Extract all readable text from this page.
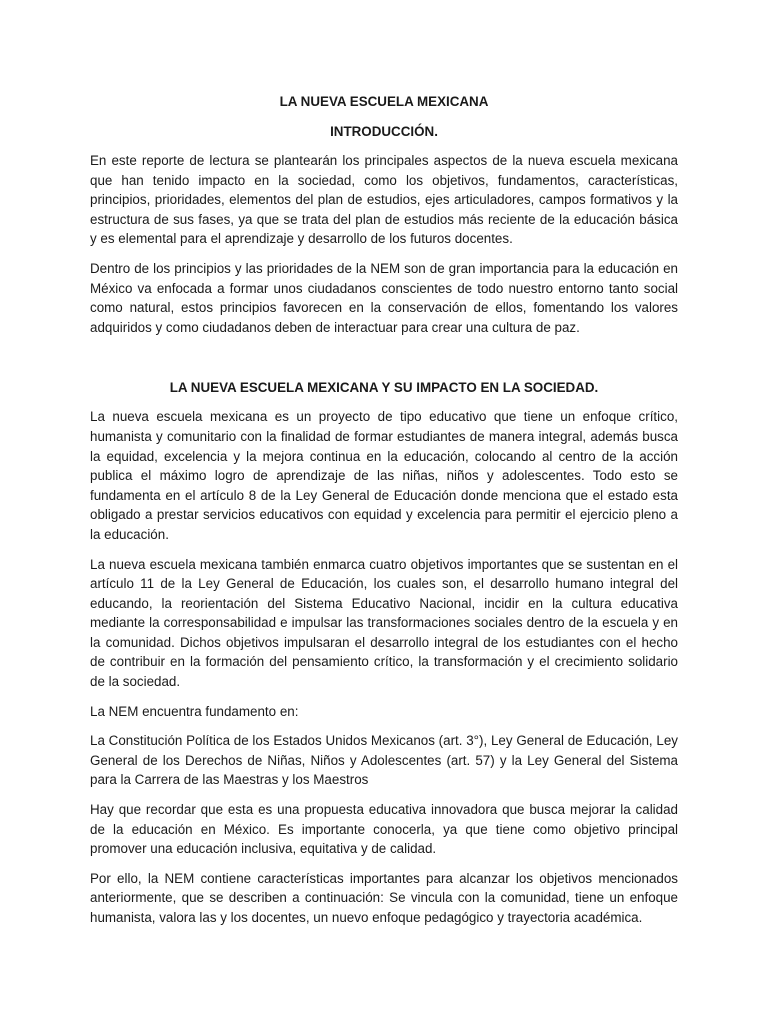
LA NUEVA ESCUELA MEXICANA
INTRODUCCIÓN.

En este reporte de lectura se plantearán los principales aspectos de la nueva escuela mexicana que han tenido impacto en la sociedad, como los objetivos, fundamentos, características, principios, prioridades, elementos del plan de estudios, ejes articuladores, campos formativos y la estructura de sus fases, ya que se trata del plan de estudios más reciente de la educación básica y es elemental para el aprendizaje y desarrollo de los futuros docentes.

Dentro de los principios y las prioridades de la NEM son de gran importancia para la educación en México va enfocada a formar unos ciudadanos conscientes de todo nuestro entorno tanto social como natural, estos principios favorecen en la conservación de ellos, fomentando los valores adquiridos y como ciudadanos deben de interactuar para crear una cultura de paz.

LA NUEVA ESCUELA MEXICANA Y SU IMPACTO EN LA SOCIEDAD.

La nueva escuela mexicana es un proyecto de tipo educativo que tiene un enfoque crítico, humanista y comunitario con la finalidad de formar estudiantes de manera integral, además busca la equidad, excelencia y la mejora continua en la educación, colocando al centro de la acción publica el máximo logro de aprendizaje de las niñas, niños y adolescentes. Todo esto se fundamenta en el artículo 8 de la Ley General de Educación donde menciona que el estado esta obligado a prestar servicios educativos con equidad y excelencia para permitir el ejercicio pleno a la educación.

La nueva escuela mexicana también enmarca cuatro objetivos importantes que se sustentan en el artículo 11 de la Ley General de Educación, los cuales son, el desarrollo humano integral del educando, la reorientación del Sistema Educativo Nacional, incidir en la cultura educativa mediante la corresponsabilidad e impulsar las transformaciones sociales dentro de la escuela y en la comunidad. Dichos objetivos impulsaran el desarrollo integral de los estudiantes con el hecho de contribuir en la formación del pensamiento crítico, la transformación y el crecimiento solidario de la sociedad.

La NEM encuentra fundamento en:

La Constitución Política de los Estados Unidos Mexicanos (art. 3°), Ley General de Educación, Ley General de los Derechos de Niñas, Niños y Adolescentes (art. 57) y la Ley General del Sistema para la Carrera de las Maestras y los Maestros

Hay que recordar que esta es una propuesta educativa innovadora que busca mejorar la calidad de la educación en México. Es importante conocerla, ya que tiene como objetivo principal promover una educación inclusiva, equitativa y de calidad.

Por ello, la NEM contiene características importantes para alcanzar los objetivos mencionados anteriormente, que se describen a continuación: Se vincula con la comunidad, tiene un enfoque humanista, valora las y los docentes, un nuevo enfoque pedagógico y trayectoria académica.
